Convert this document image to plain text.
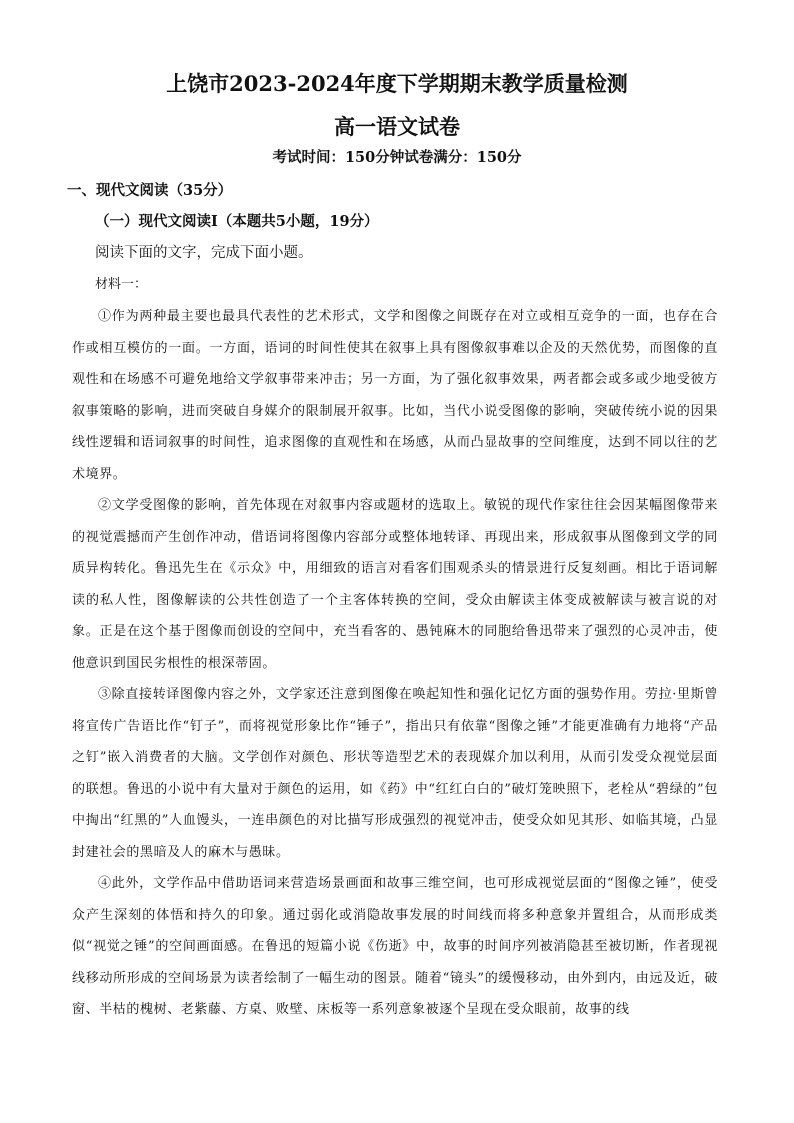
上饶市2023-2024年度下学期期末教学质量检测
高一语文试卷
考试时间：150分钟试卷满分：150分
一、现代文阅读（35分）
（一）现代文阅读Ⅰ（本题共5小题，19分）
阅读下面的文字，完成下面小题。
材料一：

①作为两种最主要也最具代表性的艺术形式，文学和图像之间既存在对立或相互竞争的一面，也存在合作或相互模仿的一面。一方面，语词的时间性使其在叙事上具有图像叙事难以企及的天然优势，而图像的直观性和在场感不可避免地给文学叙事带来冲击；另一方面，为了强化叙事效果，两者都会或多或少地受彼方叙事策略的影响，进而突破自身媒介的限制展开叙事。比如，当代小说受图像的影响，突破传统小说的因果线性逻辑和语词叙事的时间性，追求图像的直观性和在场感，从而凸显故事的空间维度，达到不同以往的艺术境界。

②文学受图像的影响，首先体现在对叙事内容或题材的选取上。敏锐的现代作家往往会因某幅图像带来的视觉震撼而产生创作冲动，借语词将图像内容部分或整体地转译、再现出来，形成叙事从图像到文学的同质异构转化。鲁迅先生在《示众》中，用细致的语言对看客们围观杀头的情景进行反复刻画。相比于语词解读的私人性，图像解读的公共性创造了一个主客体转换的空间，受众由解读主体变成被解读与被言说的对象。正是在这个基于图像而创设的空间中，充当看客的、愚钝麻木的同胞给鲁迅带来了强烈的心灵冲击，使他意识到国民劣根性的根深蒂固。

③除直接转译图像内容之外，文学家还注意到图像在唤起知性和强化记忆方面的强势作用。劳拉·里斯曾将宣传广告语比作“钉子”，而将视觉形象比作“锤子”，指出只有依靠“图像之锤”才能更准确有力地将“产品之钉”嵌入消费者的大脑。文学创作对颜色、形状等造型艺术的表现媒介加以利用，从而引发受众视觉层面的联想。鲁迅的小说中有大量对于颜色的运用，如《药》中“红红白白的”破灯笼映照下，老栓从“碧绿的”包中掏出“红黑的”人血馒头，一连串颜色的对比描写形成强烈的视觉冲击，使受众如见其形、如临其境，凸显封建社会的黑暗及人的麻木与愚昧。

④此外，文学作品中借助语词来营造场景画面和故事三维空间，也可形成视觉层面的“图像之锤”，使受众产生深刻的体悟和持久的印象。通过弱化或消隐故事发展的时间线而将多种意象并置组合，从而形成类似“视觉之锤”的空间画面感。在鲁迅的短篇小说《伤逝》中，故事的时间序列被消隐甚至被切断，作者现视线移动所形成的空间场景为读者绘制了一幅生动的图景。随着“镜头”的缓慢移动，由外到内，由远及近，破窗、半枯的槐树、老紫藤、方桌、败壁、床板等一系列意象被逐个呈现在受众眼前，故事的线
